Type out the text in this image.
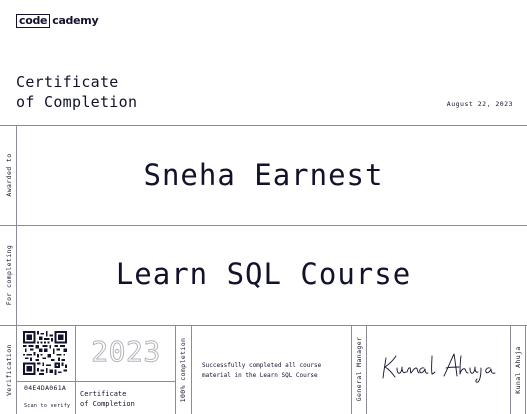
code cademy
Certificate
of Completion	August 22, 2023
Awarded to
For completing
Verification	100% completion	General Manager	Kunal Ahuja
Sneha Earnest
Learn SQL Course
2023
04E4DA061A
Scan to verify
Certificate
of Completion
Successfully completed all course material in the Learn SQL Course
